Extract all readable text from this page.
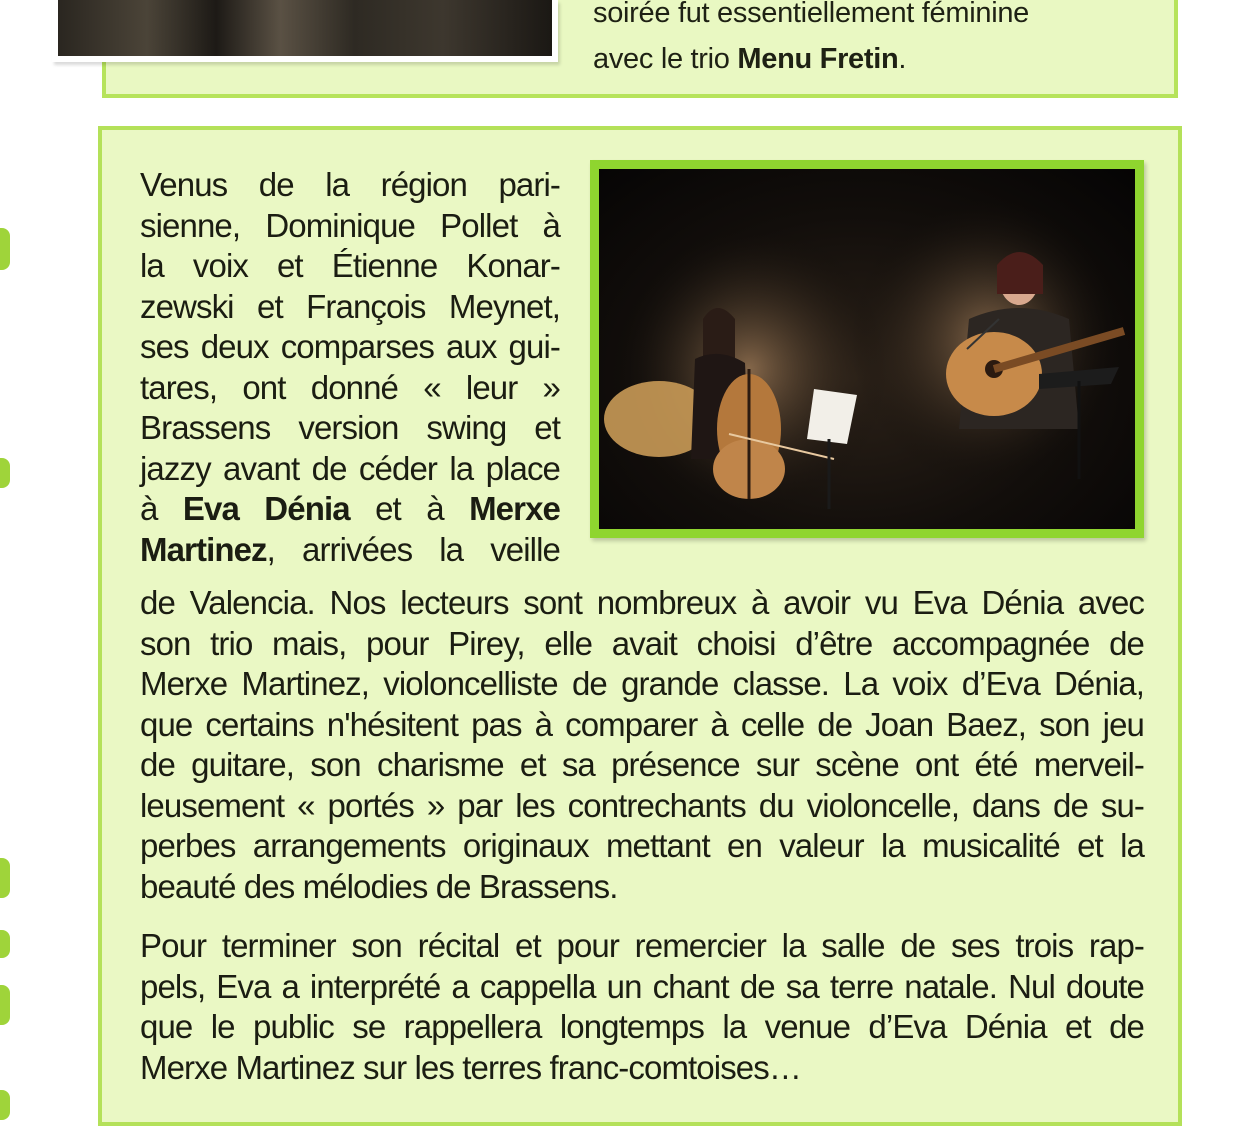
soirée fut essentiellement féminine
avec le trio Menu Fretin.
Venus de la région pari-
sienne, Dominique Pollet à
la voix et Étienne Konar-
zewski et François Meynet,
ses deux comparses aux gui-
tares, ont donné « leur »
Brassens version swing et
jazzy avant de céder la place
à Eva Dénia et à Merxe
Martinez, arrivées la veille
de Valencia. Nos lecteurs sont nombreux à avoir vu Eva Dénia avec
son trio mais, pour Pirey, elle avait choisi d’être accompagnée de
Merxe Martinez, violoncelliste de grande classe. La voix d’Eva Dénia,
que certains n'hésitent pas à comparer à celle de Joan Baez, son jeu
de guitare, son charisme et sa présence sur scène ont été merveil-
leusement « portés » par les contrechants du violoncelle, dans de su-
perbes arrangements originaux mettant en valeur la musicalité et la
beauté des mélodies de Brassens.
Pour terminer son récital et pour remercier la salle de ses trois rap-
pels, Eva a interprété a cappella un chant de sa terre natale. Nul doute
que le public se rappellera longtemps la venue d’Eva Dénia et de
Merxe Martinez sur les terres franc-comtoises…
